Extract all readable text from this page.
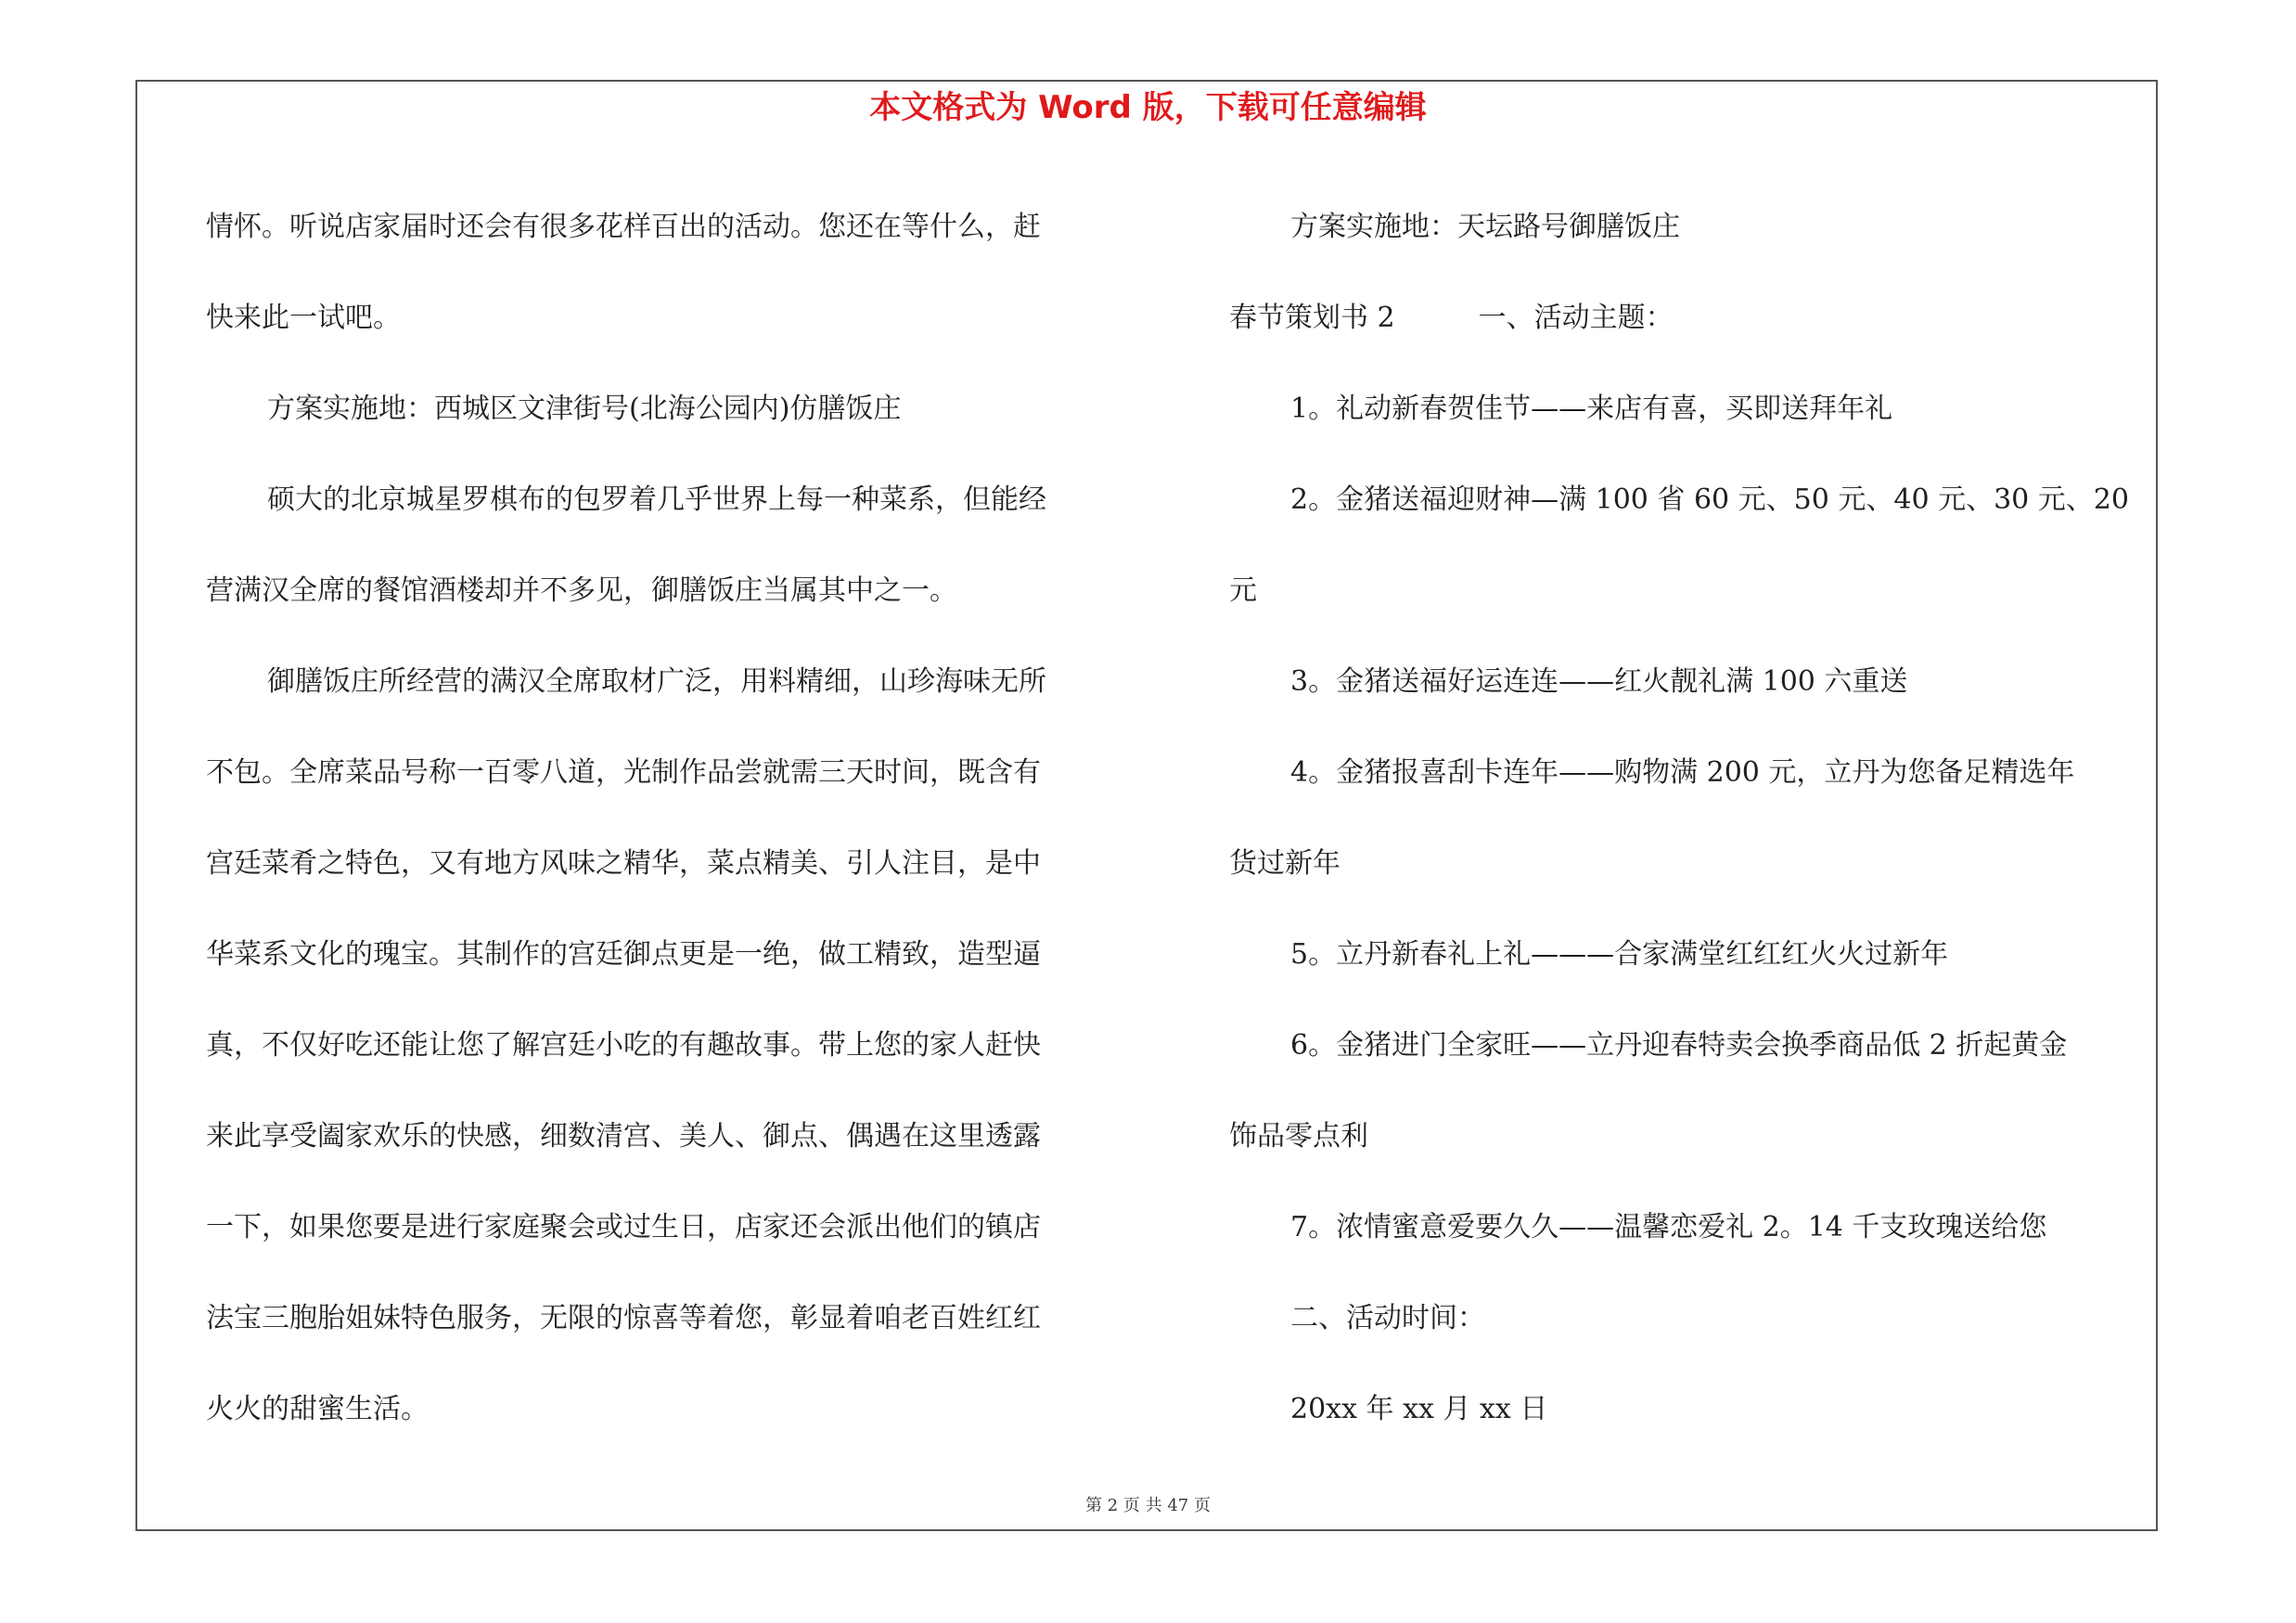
本文格式为 Word 版，下载可任意编辑
情怀。听说店家届时还会有很多花样百出的活动。您还在等什么，赶
快来此一试吧。
方案实施地：西城区文津街号(北海公园内)仿膳饭庄
硕大的北京城星罗棋布的包罗着几乎世界上每一种菜系，但能经
营满汉全席的餐馆酒楼却并不多见，御膳饭庄当属其中之一。
御膳饭庄所经营的满汉全席取材广泛，用料精细，山珍海味无所
不包。全席菜品号称一百零八道，光制作品尝就需三天时间，既含有
宫廷菜肴之特色，又有地方风味之精华，菜点精美、引人注目，是中
华菜系文化的瑰宝。其制作的宫廷御点更是一绝，做工精致，造型逼
真，不仅好吃还能让您了解宫廷小吃的有趣故事。带上您的家人赶快
来此享受阖家欢乐的快感，细数清宫、美人、御点、偶遇在这里透露
一下，如果您要是进行家庭聚会或过生日，店家还会派出他们的镇店
法宝三胞胎姐妹特色服务，无限的惊喜等着您，彰显着咱老百姓红红
火火的甜蜜生活。
方案实施地：天坛路号御膳饭庄
春节策划书 2	一、活动主题：
1。礼动新春贺佳节——来店有喜，买即送拜年礼
2。金猪送福迎财神—满 100 省 60 元、50 元、40 元、30 元、20
元
3。金猪送福好运连连——红火靓礼满 100 六重送
4。金猪报喜刮卡连年——购物满 200 元，立丹为您备足精选年
货过新年
5。立丹新春礼上礼———合家满堂红红红火火过新年
6。金猪进门全家旺——立丹迎春特卖会换季商品低 2 折起黄金
饰品零点利
7。浓情蜜意爱要久久——温馨恋爱礼 2。14 千支玫瑰送给您
二、活动时间：
20xx 年 xx 月 xx 日
第 2 页 共 47 页
